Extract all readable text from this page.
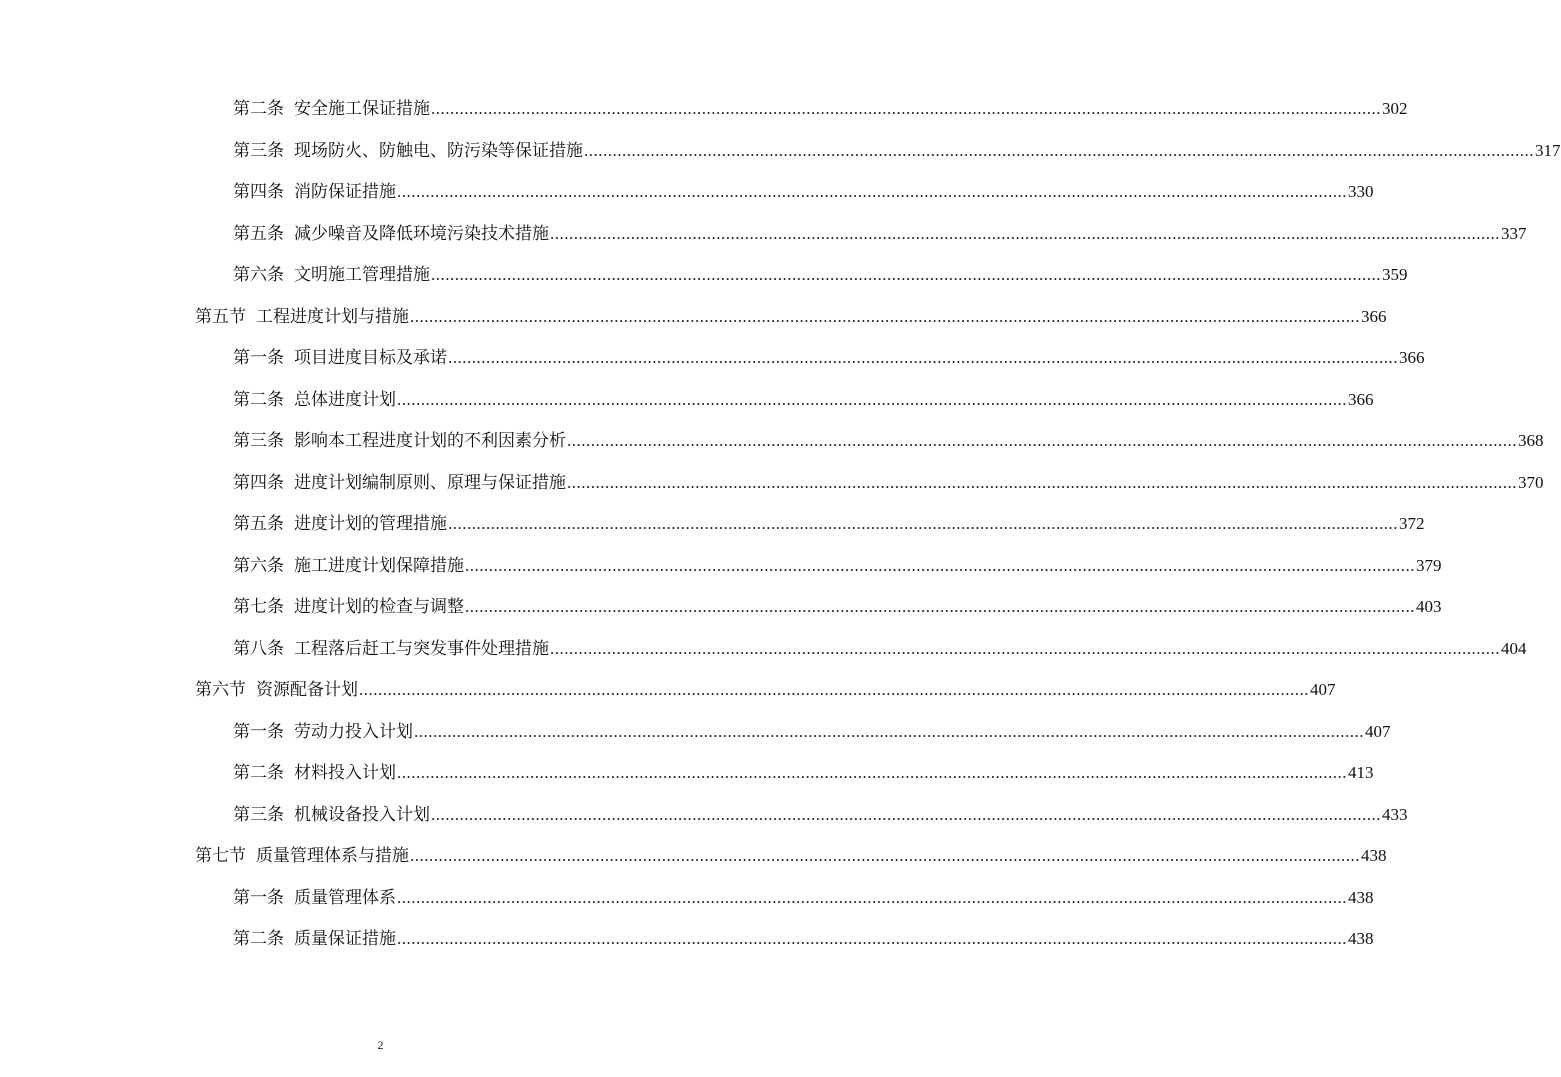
第二条 安全施工保证措施 ........................................................................................................................................................................................................ 302
第三条 现场防火、防触电、防污染等保证措施 ........................................................................................................................................................................................................ 317
第四条 消防保证措施 ........................................................................................................................................................................................................ 330
第五条 减少噪音及降低环境污染技术措施 ........................................................................................................................................................................................................ 337
第六条 文明施工管理措施 ........................................................................................................................................................................................................ 359
第五节 工程进度计划与措施 ........................................................................................................................................................................................................ 366
第一条 项目进度目标及承诺 ........................................................................................................................................................................................................ 366
第二条 总体进度计划 ........................................................................................................................................................................................................ 366
第三条 影响本工程进度计划的不利因素分析 ........................................................................................................................................................................................................ 368
第四条 进度计划编制原则、原理与保证措施 ........................................................................................................................................................................................................ 370
第五条 进度计划的管理措施 ........................................................................................................................................................................................................ 372
第六条 施工进度计划保障措施 ........................................................................................................................................................................................................ 379
第七条 进度计划的检查与调整 ........................................................................................................................................................................................................ 403
第八条 工程落后赶工与突发事件处理措施 ........................................................................................................................................................................................................ 404
第六节 资源配备计划 ........................................................................................................................................................................................................ 407
第一条 劳动力投入计划 ........................................................................................................................................................................................................ 407
第二条 材料投入计划 ........................................................................................................................................................................................................ 413
第三条 机械设备投入计划 ........................................................................................................................................................................................................ 433
第七节 质量管理体系与措施 ........................................................................................................................................................................................................ 438
第一条 质量管理体系 ........................................................................................................................................................................................................ 438
第二条 质量保证措施 ........................................................................................................................................................................................................ 438
2
